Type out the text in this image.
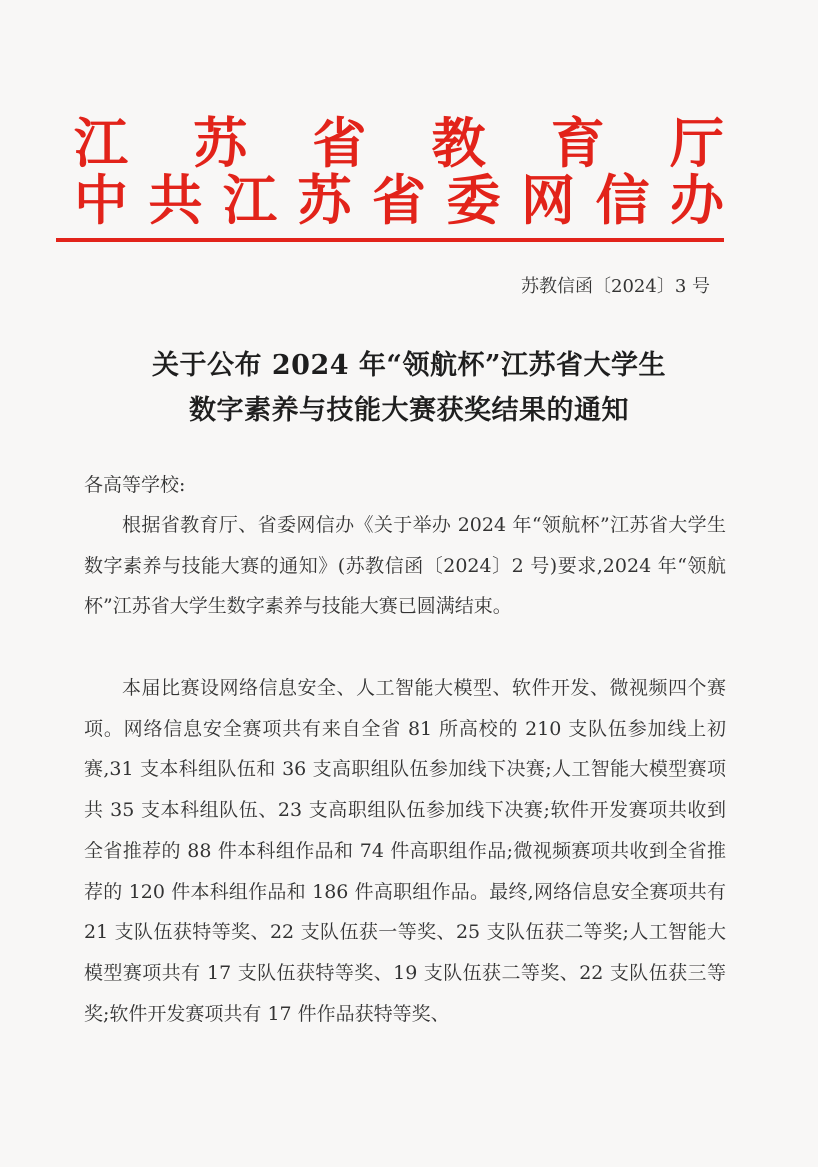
江 苏 省 教 育 厅
中 共 江 苏 省 委 网 信 办
苏教信函〔2024〕3 号
关于公布 2024 年“领航杯”江苏省大学生
数字素养与技能大赛获奖结果的通知
各高等学校:
根据省教育厅、省委网信办《关于举办 2024 年“领航杯”江苏省大学生数字素养与技能大赛的通知》(苏教信函〔2024〕2 号)要求,2024 年“领航杯”江苏省大学生数字素养与技能大赛已圆满结束。
本届比赛设网络信息安全、人工智能大模型、软件开发、微视频四个赛项。网络信息安全赛项共有来自全省 81 所高校的 210 支队伍参加线上初赛,31 支本科组队伍和 36 支高职组队伍参加线下决赛;人工智能大模型赛项共 35 支本科组队伍、23 支高职组队伍参加线下决赛;软件开发赛项共收到全省推荐的 88 件本科组作品和 74 件高职组作品;微视频赛项共收到全省推荐的 120 件本科组作品和 186 件高职组作品。最终,网络信息安全赛项共有 21 支队伍获特等奖、22 支队伍获一等奖、25 支队伍获二等奖;人工智能大模型赛项共有 17 支队伍获特等奖、19 支队伍获二等奖、22 支队伍获三等奖;软件开发赛项共有 17 件作品获特等奖、
